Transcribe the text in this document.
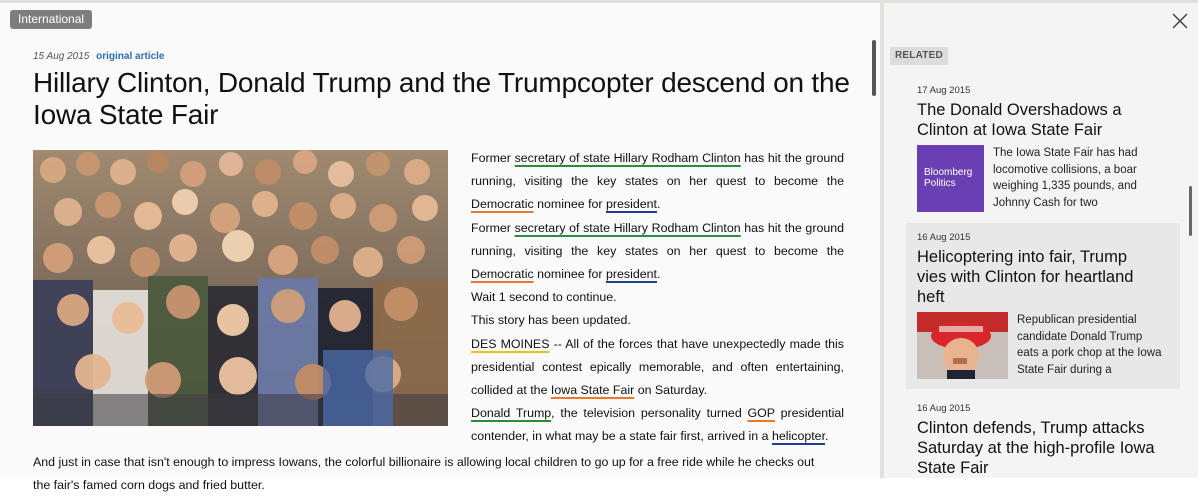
International
15 Aug 2015 original article
Hillary Clinton, Donald Trump and the Trumpcopter descend on the Iowa State Fair

Former secretary of state Hillary Rodham Clinton has hit the ground running, visiting the key states on her quest to become the Democratic nominee for president.

Former secretary of state Hillary Rodham Clinton has hit the ground running, visiting the key states on her quest to become the Democratic nominee for president.

Wait 1 second to continue.

This story has been updated.

DES MOINES -- All of the forces that have unexpectedly made this presidential contest epically memorable, and often entertaining, collided at the Iowa State Fair on Saturday.

Donald Trump, the television personality turned GOP presidential contender, in what may be a state fair first, arrived in a helicopter.

And just in case that isn't enough to impress Iowans, the colorful billionaire is allowing local children to go up for a free ride while he checks out
the fair's famed corn dogs and fried butter.
RELATED
17 Aug 2015
The Donald Overshadows a Clinton at Iowa State Fair
Bloomberg Politics
The Iowa State Fair has had locomotive collisions, a boar weighing 1,335 pounds, and Johnny Cash for two
16 Aug 2015
Helicoptering into fair, Trump vies with Clinton for heartland heft
Republican presidential candidate Donald Trump eats a pork chop at the Iowa State Fair during a
16 Aug 2015
Clinton defends, Trump attacks Saturday at the high-profile Iowa State Fair
